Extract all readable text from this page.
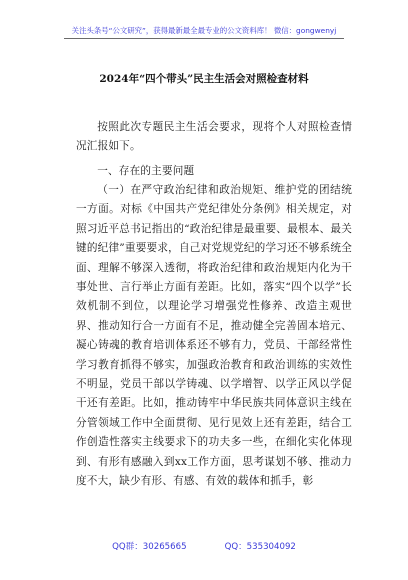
关注头条号“公文研究”，获得最新最全最专业的公文资料库！ 微信：gongwenyj
2024年“四个带头”民主生活会对照检查材料
按照此次专题民主生活会要求，现将个人对照检查情况汇报如下。
一、存在的主要问题
（一）在严守政治纪律和政治规矩、维护党的团结统一方面。对标《中国共产党纪律处分条例》相关规定，对照习近平总书记指出的“政治纪律是最重要、最根本、最关键的纪律”重要要求，自己对党规党纪的学习还不够系统全面、理解不够深入透彻，将政治纪律和政治规矩内化为干事处世、言行举止方面有差距。比如，落实“四个以学”长效机制不到位，以理论学习增强党性修养、改造主观世界、推动知行合一方面有不足，推动健全完善固本培元、凝心铸魂的教育培训体系还不够有力，党员、干部经常性学习教育抓得不够实，加强政治教育和政治训练的实效性不明显，党员干部以学铸魂、以学增智、以学正风以学促干还有差距。比如，推动铸牢中华民族共同体意识主线在分管领域工作中全面贯彻、见行见效上还有差距，结合工作创造性落实主线要求下的功夫多一些，在细化实化体现到、有形有感融入到xx工作方面，思考谋划不够、推动力度不大，缺少有形、有感、有效的载体和抓手，彰
QQ群：30265665	QQ：535304092
